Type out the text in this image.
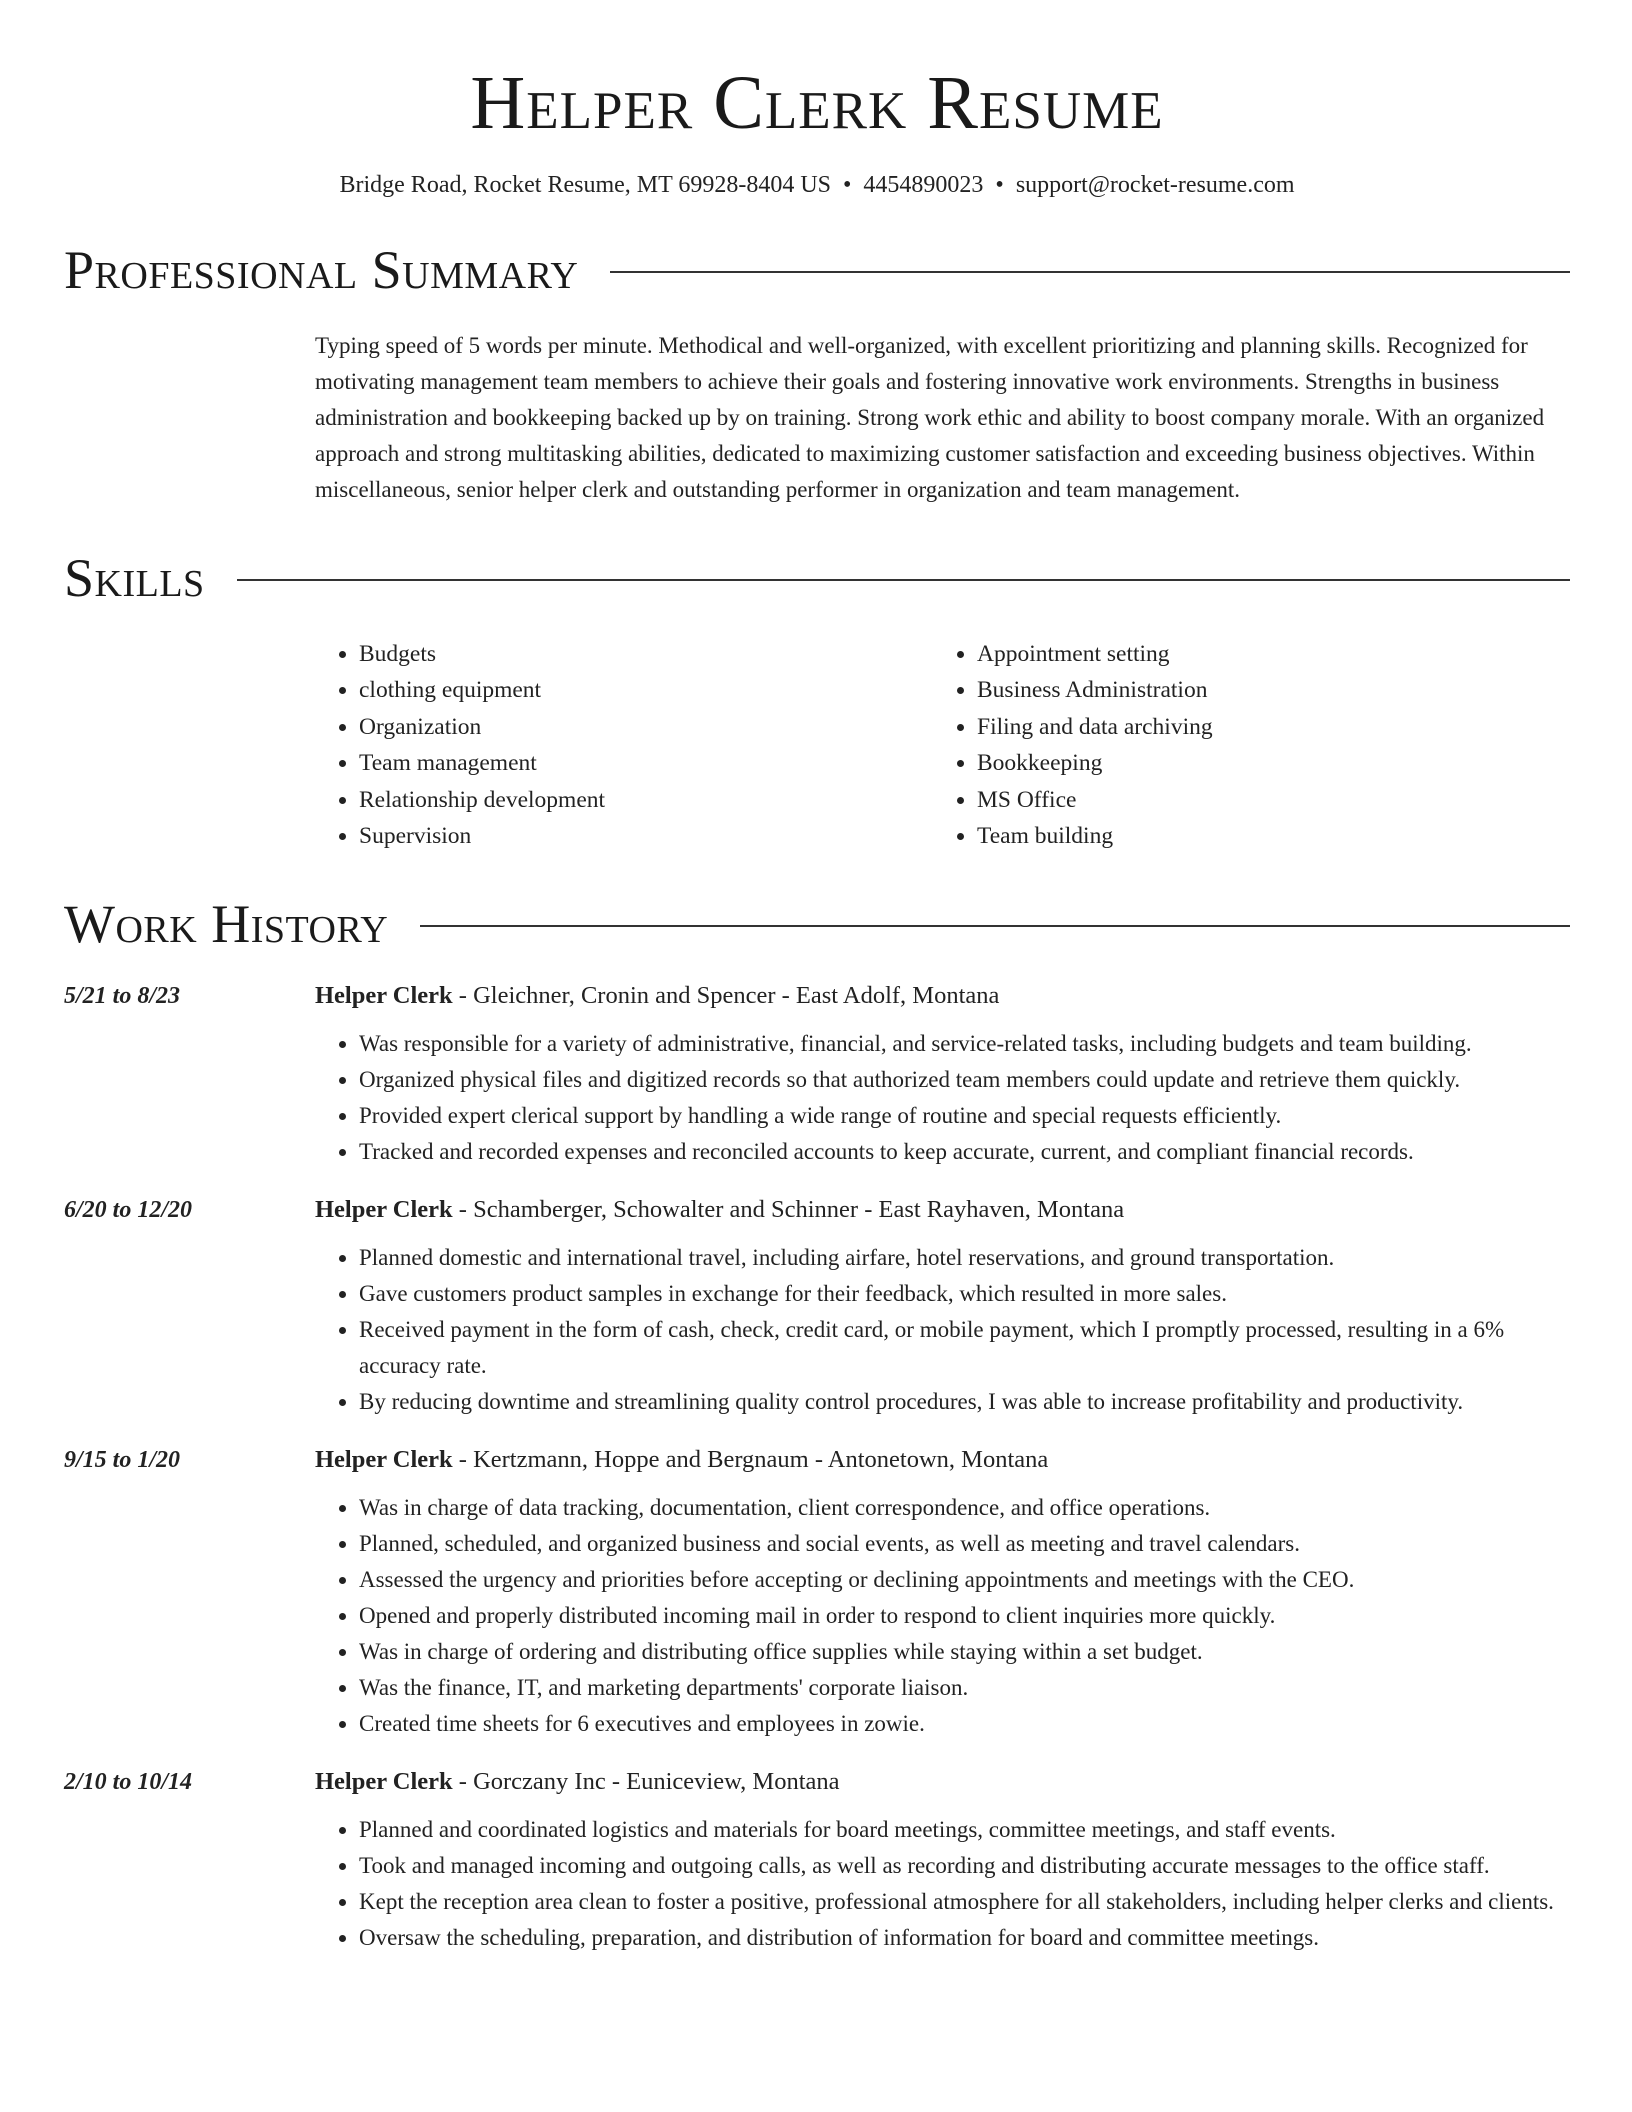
Helper Clerk Resume
Bridge Road, Rocket Resume, MT 69928-8404 US • 4454890023 • support@rocket-resume.com
Professional Summary
Typing speed of 5 words per minute. Methodical and well-organized, with excellent prioritizing and planning skills. Recognized for motivating management team members to achieve their goals and fostering innovative work environments. Strengths in business administration and bookkeeping backed up by on training. Strong work ethic and ability to boost company morale. With an organized approach and strong multitasking abilities, dedicated to maximizing customer satisfaction and exceeding business objectives. Within miscellaneous, senior helper clerk and outstanding performer in organization and team management.
Skills
• Budgets
• clothing equipment
• Organization
• Team management
• Relationship development
• Supervision
• Appointment setting
• Business Administration
• Filing and data archiving
• Bookkeeping
• MS Office
• Team building
Work History
5/21 to 8/23	Helper Clerk - Gleichner, Cronin and Spencer - East Adolf, Montana
• Was responsible for a variety of administrative, financial, and service-related tasks, including budgets and team building.
• Organized physical files and digitized records so that authorized team members could update and retrieve them quickly.
• Provided expert clerical support by handling a wide range of routine and special requests efficiently.
• Tracked and recorded expenses and reconciled accounts to keep accurate, current, and compliant financial records.
6/20 to 12/20	Helper Clerk - Schamberger, Schowalter and Schinner - East Rayhaven, Montana
• Planned domestic and international travel, including airfare, hotel reservations, and ground transportation.
• Gave customers product samples in exchange for their feedback, which resulted in more sales.
• Received payment in the form of cash, check, credit card, or mobile payment, which I promptly processed, resulting in a 6% accuracy rate.
• By reducing downtime and streamlining quality control procedures, I was able to increase profitability and productivity.
9/15 to 1/20	Helper Clerk - Kertzmann, Hoppe and Bergnaum - Antonetown, Montana
• Was in charge of data tracking, documentation, client correspondence, and office operations.
• Planned, scheduled, and organized business and social events, as well as meeting and travel calendars.
• Assessed the urgency and priorities before accepting or declining appointments and meetings with the CEO.
• Opened and properly distributed incoming mail in order to respond to client inquiries more quickly.
• Was in charge of ordering and distributing office supplies while staying within a set budget.
• Was the finance, IT, and marketing departments' corporate liaison.
• Created time sheets for 6 executives and employees in zowie.
2/10 to 10/14	Helper Clerk - Gorczany Inc - Euniceview, Montana
• Planned and coordinated logistics and materials for board meetings, committee meetings, and staff events.
• Took and managed incoming and outgoing calls, as well as recording and distributing accurate messages to the office staff.
• Kept the reception area clean to foster a positive, professional atmosphere for all stakeholders, including helper clerks and clients.
• Oversaw the scheduling, preparation, and distribution of information for board and committee meetings.
